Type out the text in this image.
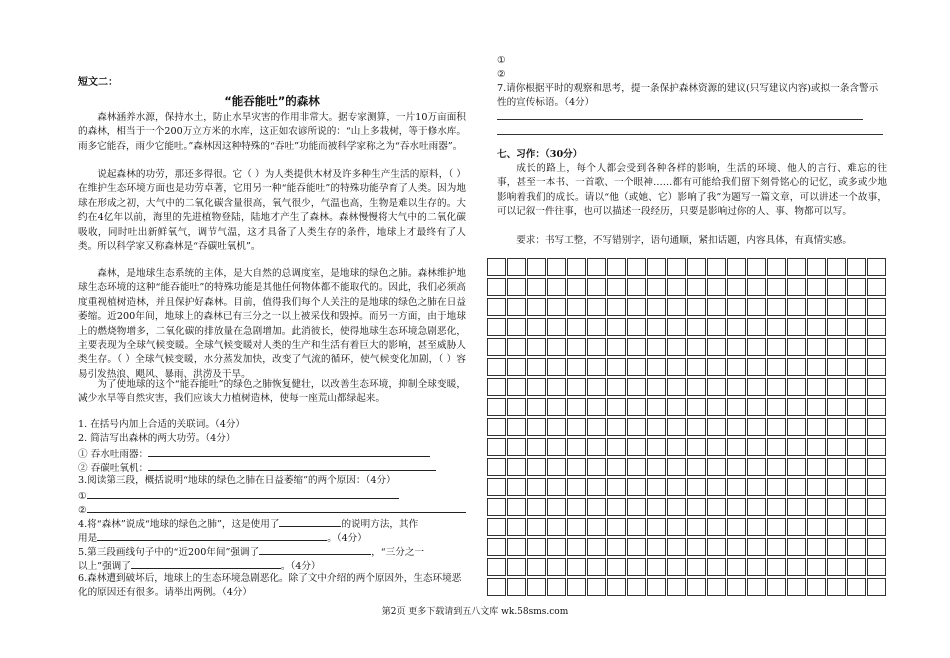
短文二：
“能吞能吐”的森林

森林涵养水源，保持水土，防止水旱灾害的作用非常大。据专家测算，一片10万亩面积的森林，相当于一个200万立方米的水库，这正如农谚所说的：“山上多栽树，等于修水库。雨多它能吞，雨少它能吐。”森林因这种特殊的“吞吐”功能而被科学家称之为“吞水吐雨器”。

说起森林的功劳，那还多得很。它（ ）为人类提供木材及许多种生产生活的原料，（ ）在维护生态环境方面也是功劳卓著，它用另一种“能吞能吐”的特殊功能孕育了人类。因为地球在形成之初，大气中的二氧化碳含量很高，氧气很少，气温也高，生物是难以生存的。大约在4亿年以前，海里的先进植物登陆，陆地才产生了森林。森林慢慢将大气中的二氧化碳吸收，同时吐出新鲜氧气，调节气温，这才具备了人类生存的条件，地球上才最终有了人类。所以科学家又称森林是“吞碳吐氧机”。

森林，是地球生态系统的主体，是大自然的总调度室，是地球的绿色之肺。森林维护地球生态环境的这种“能吞能吐”的特殊功能是其他任何物体都不能取代的。因此，我们必须高度重视植树造林，并且保护好森林。目前，值得我们每个人关注的是地球的绿色之肺在日益萎缩。近200年间，地球上的森林已有三分之一以上被采伐和毁掉。而另一方面，由于地球上的燃烧物增多，二氧化碳的排放量在急剧增加。此消彼长，使得地球生态环境急剧恶化，主要表现为全球气候变暖。全球气候变暖对人类的生产和生活有着巨大的影响，甚至威胁人类生存。（ ）全球气候变暖，水分蒸发加快，改变了气流的循环，使气候变化加剧，（ ）容易引发热浪、飓风、暴雨、洪涝及干旱。

为了使地球的这个“能吞能吐”的绿色之肺恢复健壮，以改善生态环境，抑制全球变暖，减少水旱等自然灾害，我们应该大力植树造林，使每一座荒山都绿起来。

1. 在括号内加上合适的关联词。（4分）
2. 简洁写出森林的两大功劳。（4分）
① 吞水吐雨器：
② 吞碳吐氧机：
3.阅读第三段，概括说明“地球的绿色之肺在日益萎缩”的两个原因：（4分）
①
②
4.将“森林”说成“地球的绿色之肺”，这是使用了	的说明方法，其作
用是	。（4分）
5.第三段画线句子中的“近200年间”强调了	，“三分之一
以上”强调了	。（4分）
6.森林遭到破坏后，地球上的生态环境急剧恶化。除了文中介绍的两个原因外，生态环境恶化的原因还有很多。请举出两例。（4分）
①
②
7.请你根据平时的观察和思考，提一条保护森林资源的建议(只写建议内容)或拟一条含警示性的宣传标语。（4分）
七、习作：（30分）

成长的路上，每个人都会受到各种各样的影响，生活的环境、他人的言行、难忘的往事，甚至一本书、一首歌、一个眼神……都有可能给我们留下刻骨铭心的记忆，或多或少地影响着我们的成长。请以“他（或她、它）影响了我”为题写一篇文章，可以讲述一个故事，可以记叙一件往事，也可以描述一段经历，只要是影响过你的人、事、物都可以写。

要求：书写工整，不写错别字，语句通顺，紧扣话题，内容具体，有真情实感。
第2页 更多下载请到五八文库 wk.58sms.com
